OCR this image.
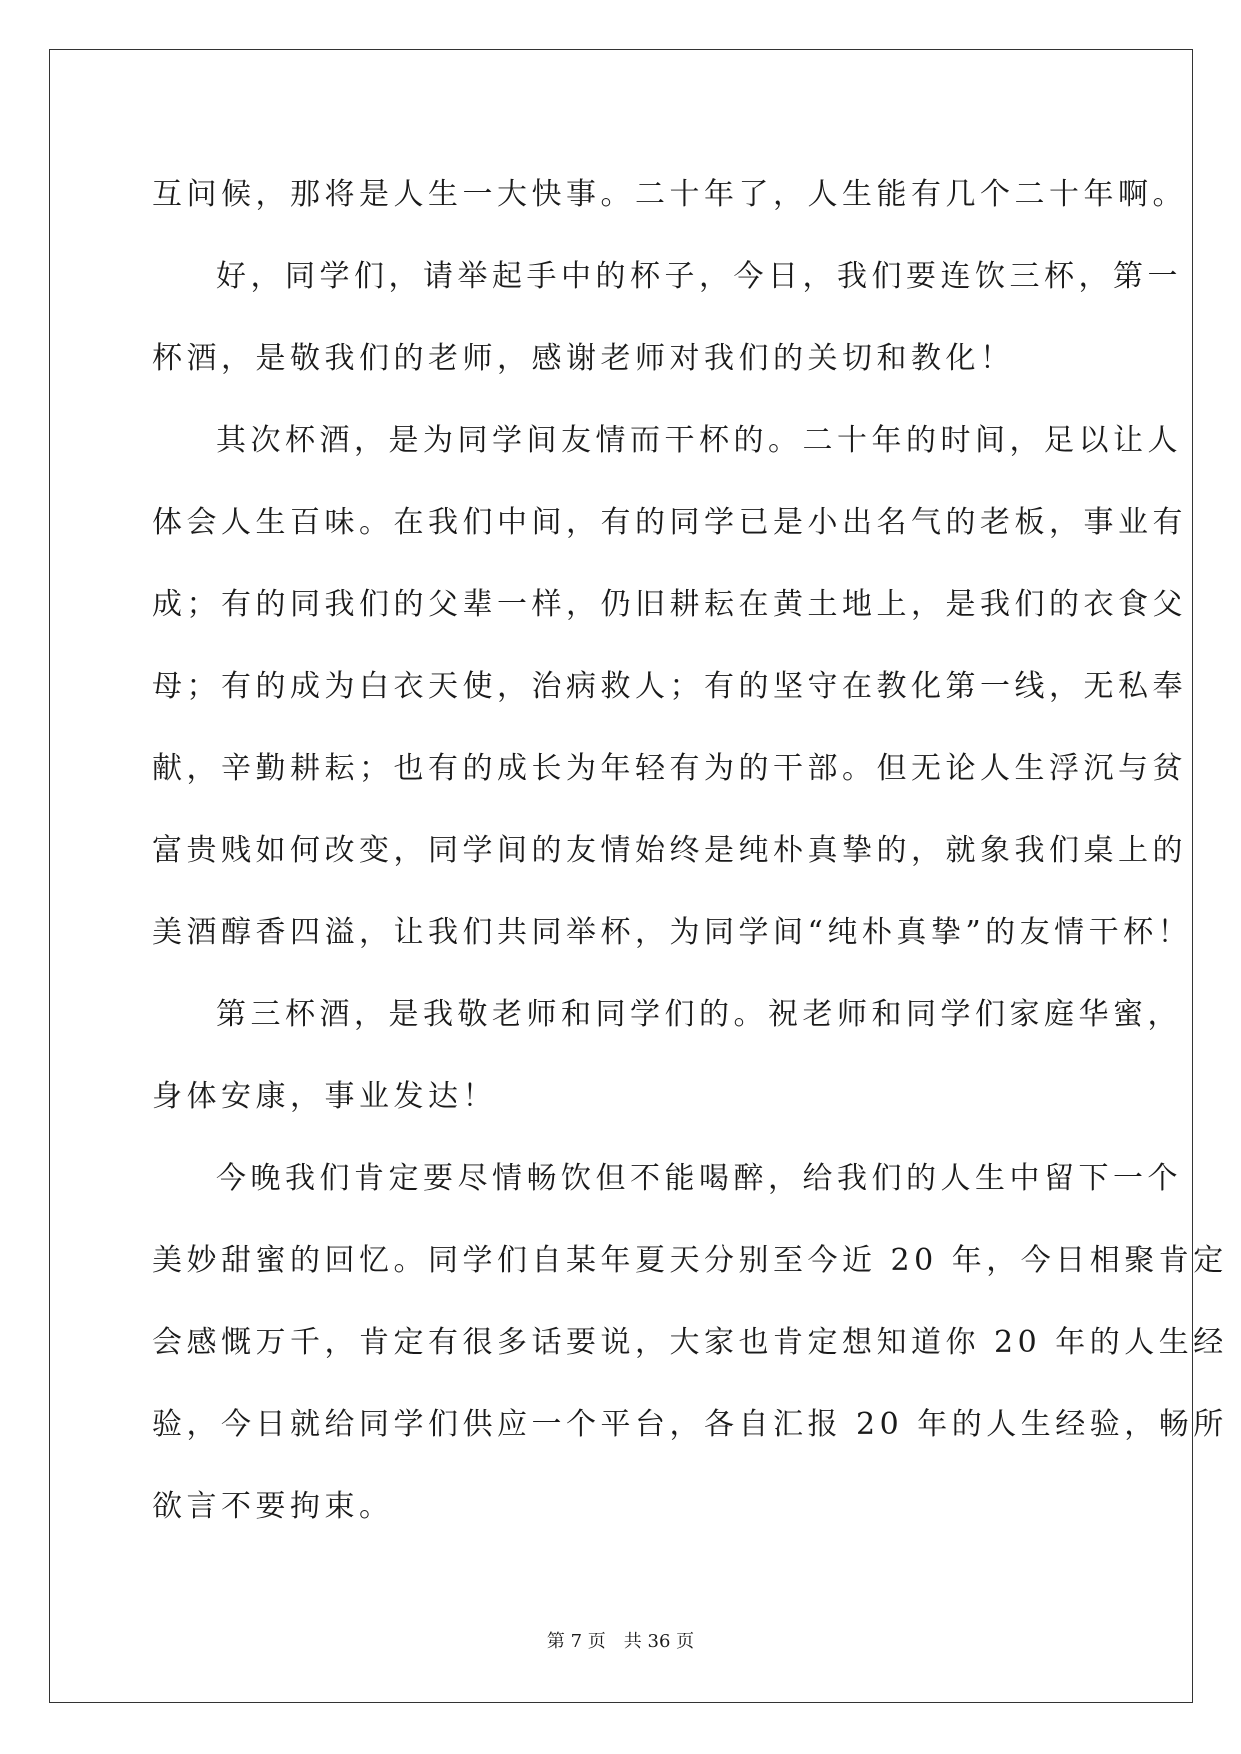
互问候，那将是人生一大快事。二十年了，人生能有几个二十年啊。
好，同学们，请举起手中的杯子，今日，我们要连饮三杯，第一
杯酒，是敬我们的老师，感谢老师对我们的关切和教化！
其次杯酒，是为同学间友情而干杯的。二十年的时间，足以让人
体会人生百味。在我们中间，有的同学已是小出名气的老板，事业有
成；有的同我们的父辈一样，仍旧耕耘在黄土地上，是我们的衣食父
母；有的成为白衣天使，治病救人；有的坚守在教化第一线，无私奉
献，辛勤耕耘；也有的成长为年轻有为的干部。但无论人生浮沉与贫
富贵贱如何改变，同学间的友情始终是纯朴真挚的，就象我们桌上的
美酒醇香四溢，让我们共同举杯，为同学间“纯朴真挚”的友情干杯！
第三杯酒，是我敬老师和同学们的。祝老师和同学们家庭华蜜，
身体安康，事业发达！
今晚我们肯定要尽情畅饮但不能喝醉，给我们的人生中留下一个
美妙甜蜜的回忆。同学们自某年夏天分别至今近 20 年，今日相聚肯定
会感慨万千，肯定有很多话要说，大家也肯定想知道你 20 年的人生经
验，今日就给同学们供应一个平台，各自汇报 20 年的人生经验，畅所
欲言不要拘束。
第 7 页　共 36 页
